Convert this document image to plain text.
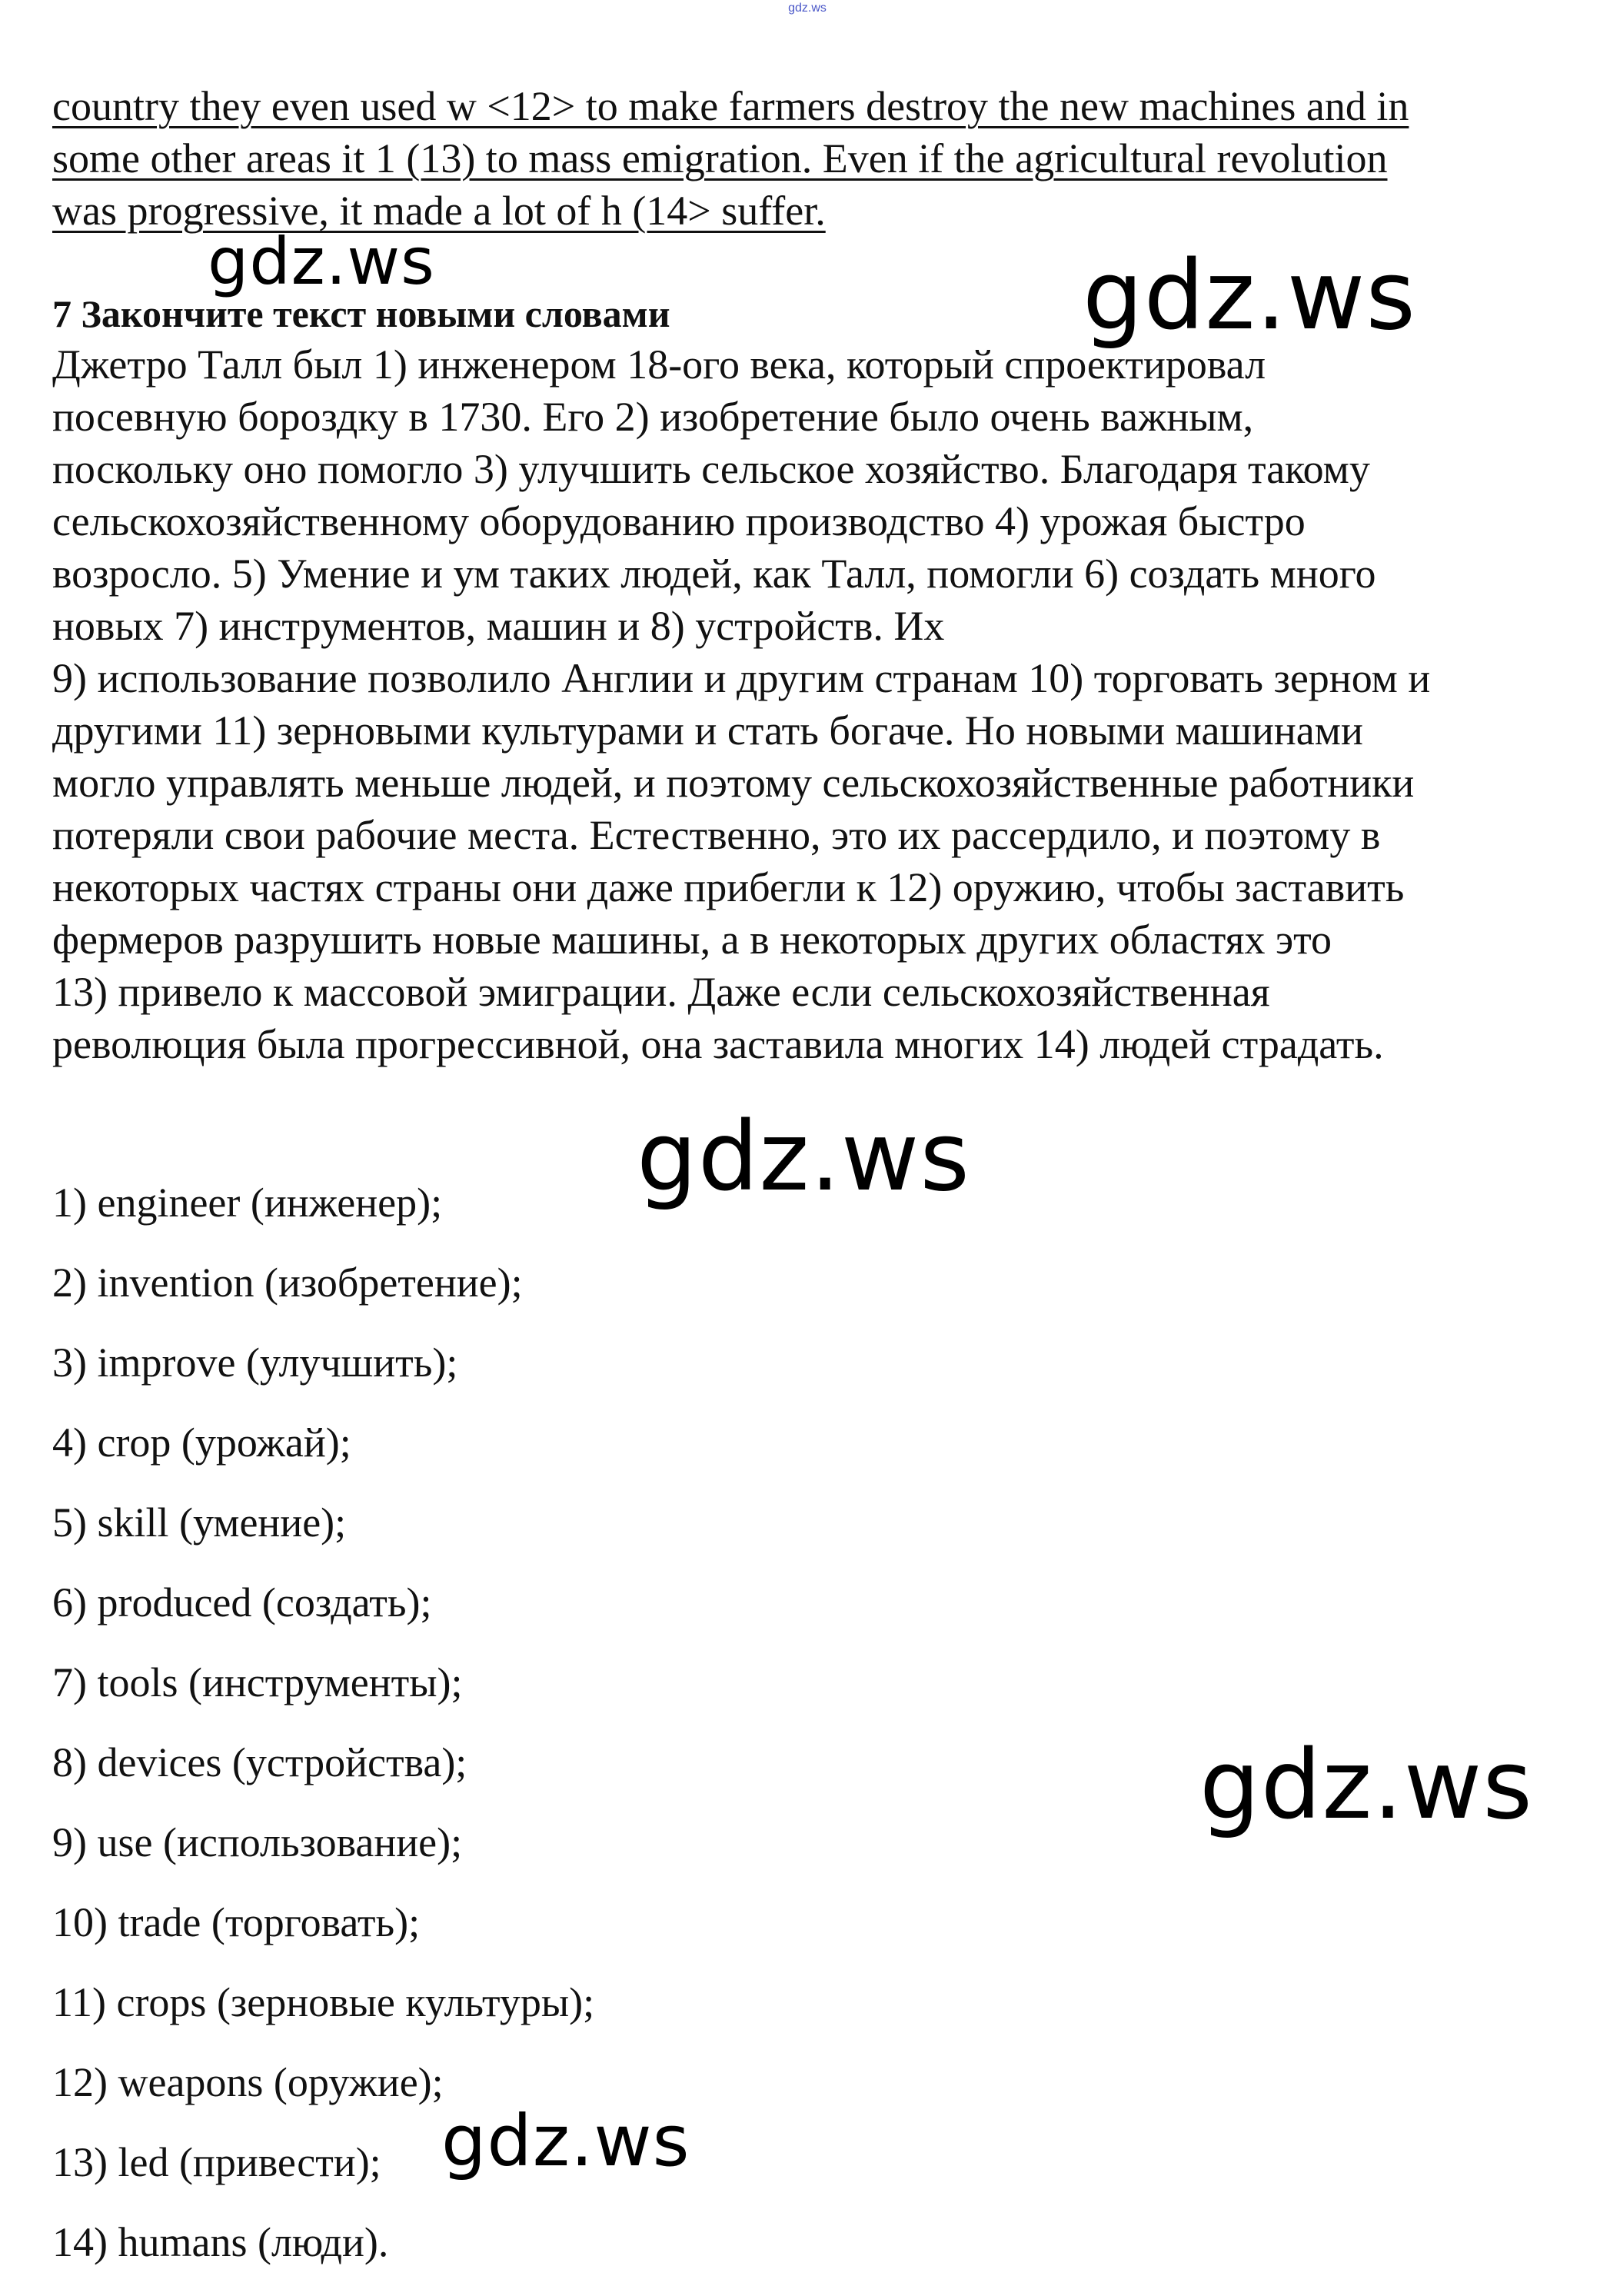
gdz.ws
country they even used w <12> to make farmers destroy the new machines and in
some other areas it 1 (13) to mass emigration. Even if the agricultural revolution
was progressive, it made a lot of h (14> suffer.
7 Закончите текст новыми словами
Джетро Талл был 1) инженером 18-ого века, который спроектировал
посевную бороздку в 1730. Его 2) изобретение было очень важным,
поскольку оно помогло 3) улучшить сельское хозяйство. Благодаря такому
сельскохозяйственному оборудованию производство 4) урожая быстро
возросло. 5) Умение и ум таких людей, как Талл, помогли 6) создать много
новых 7) инструментов, машин и 8) устройств. Их
9) использование позволило Англии и другим странам 10) торговать зерном и
другими 11) зерновыми культурами и стать богаче. Но новыми машинами
могло управлять меньше людей, и поэтому сельскохозяйственные работники
потеряли свои рабочие места. Естественно, это их рассердило, и поэтому в
некоторых частях страны они даже прибегли к 12) оружию, чтобы заставить
фермеров разрушить новые машины, а в некоторых других областях это
13) привело к массовой эмиграции. Даже если сельскохозяйственная
революция была прогрессивной, она заставила многих 14) людей страдать.
1) engineer (инженер);
2) invention (изобретение);
3) improve (улучшить);
4) crop (урожай);
5) skill (умение);
6) produced (создать);
7) tools (инструменты);
8) devices (устройства);
9) use (использование);
10) trade (торговать);
11) crops (зерновые культуры);
12) weapons (оружие);
13) led (привести);
14) humans (люди).
gdz.ws	gdz.ws
gdz.ws
gdz.ws
gdz.ws
